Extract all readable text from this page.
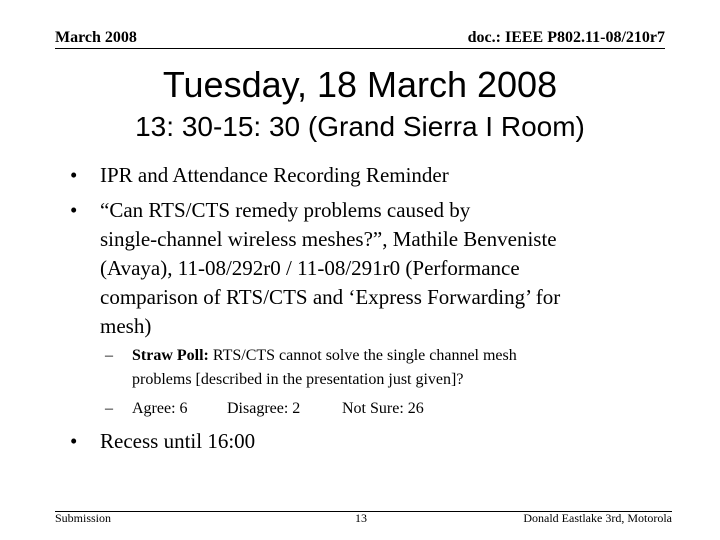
March 2008	doc.: IEEE P802.11-08/210r7
Tuesday, 18 March 2008
13: 30-15: 30 (Grand Sierra I Room)
• IPR and Attendance Recording Reminder
• “Can RTS/CTS remedy problems caused by
single-channel wireless meshes?”, Mathile Benveniste
(Avaya), 11-08/292r0 / 11-08/291r0 (Performance
comparison of RTS/CTS and ‘Express Forwarding’ for
mesh)
– Straw Poll: RTS/CTS cannot solve the single channel mesh
problems [described in the presentation just given]?
– Agree: 6 Disagree: 2	Not Sure: 26
• Recess until 16:00
Submission	13	Donald Eastlake 3rd, Motorola
